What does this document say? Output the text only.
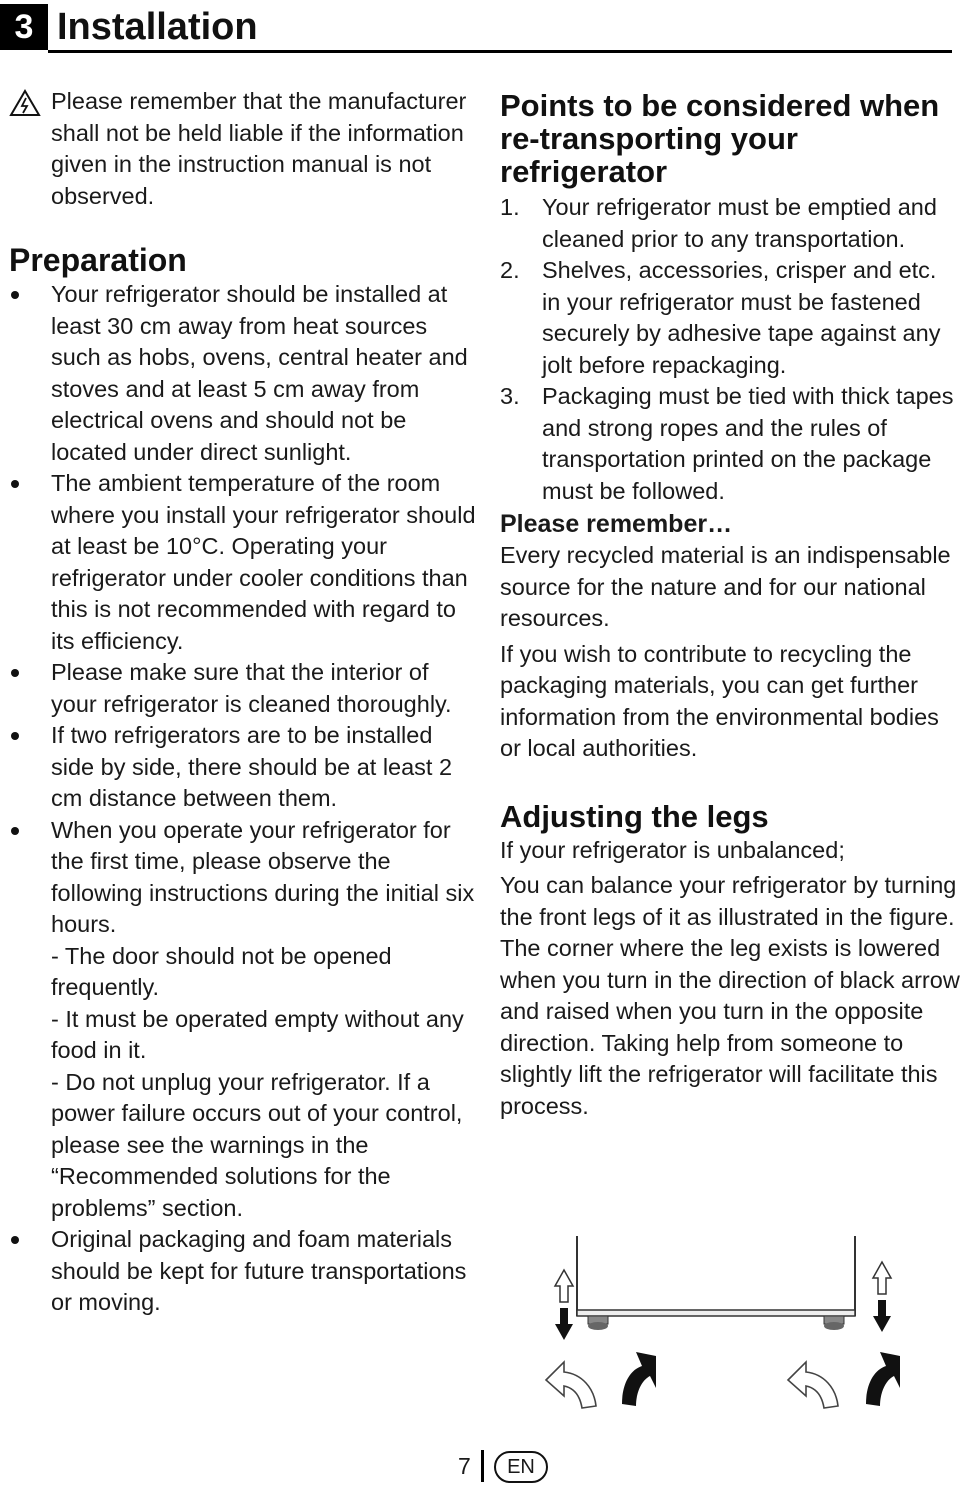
3 Installation
Please remember that the manufacturer shall not be held liable if the information given in the instruction manual is not observed.
Preparation
Your refrigerator should be installed at least 30 cm away from heat sources such as hobs, ovens, central heater and stoves and at least 5 cm away from electrical ovens and should not be located under direct sunlight.
The ambient temperature of the room where you install your refrigerator should at least be 10°C. Operating your refrigerator under cooler conditions than this is not recommended with regard to its efficiency.
Please make sure that the interior of your refrigerator is cleaned thoroughly.
If two refrigerators are to be installed side by side, there should be at least 2 cm distance between them.
When you operate your refrigerator for the first time, please observe the following instructions during the initial six hours.
- The door should not be opened frequently.
- It must be operated empty without any food in it.
- Do not unplug your refrigerator. If a power failure occurs out of your control, please see the warnings in the “Recommended solutions for the problems” section.
Original packaging and foam materials should be kept for future transportations or moving.
Points to be considered when re-transporting your refrigerator
1. Your refrigerator must be emptied and cleaned prior to any transportation.
2. Shelves, accessories, crisper and etc. in your refrigerator must be fastened securely by adhesive tape against any jolt before repackaging.
3. Packaging must be tied with thick tapes and strong ropes and the rules of transportation printed on the package must be followed.
Please remember…

Every recycled material is an indispensable source for the nature and for our national resources.

If you wish to contribute to recycling the packaging materials, you can get further information from the environmental bodies or local authorities.

Adjusting the legs

If your refrigerator is unbalanced;

You can balance your refrigerator by turning the front legs of it as illustrated in the figure. The corner where the leg exists is lowered when you turn in the direction of black arrow and raised when you turn in the opposite direction. Taking help from someone to slightly lift the refrigerator will facilitate this process.

7	EN
